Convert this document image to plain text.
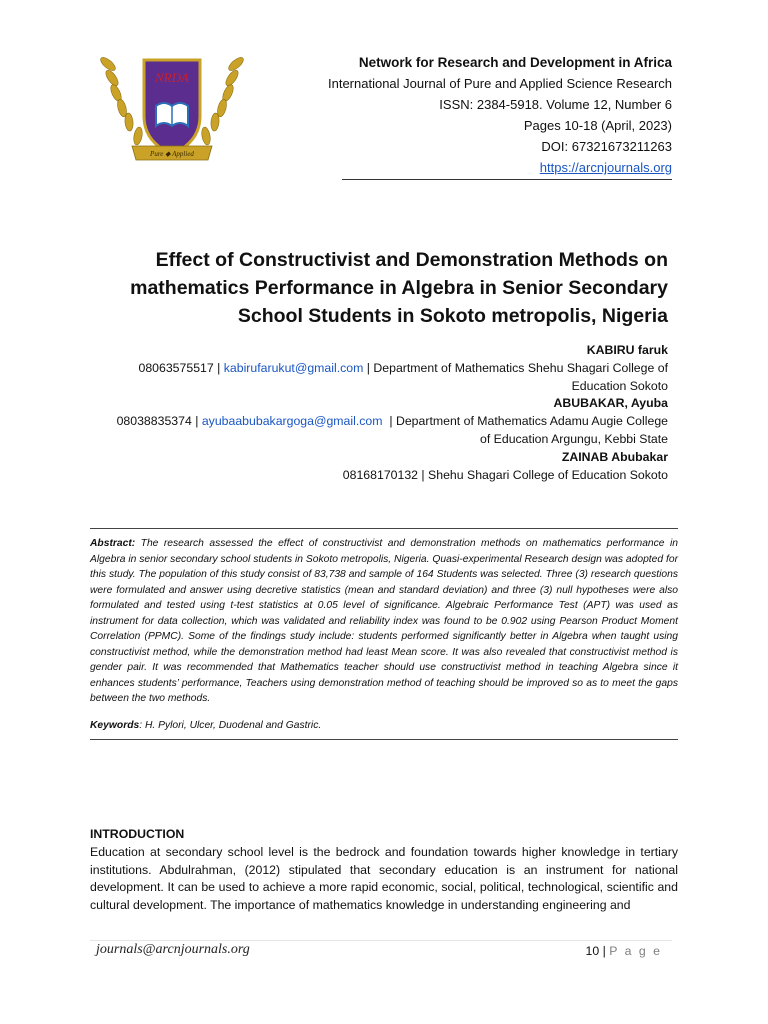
NRDA
Pure ◆ Applied
Network for Research and Development in Africa
International Journal of Pure and Applied Science Research
ISSN: 2384-5918. Volume 12, Number 6
Pages 10-18 (April, 2023)
DOI: 67321673211263
https://arcnjournals.org
Effect of Constructivist and Demonstration Methods on mathematics Performance in Algebra in Senior Secondary School Students in Sokoto metropolis, Nigeria
KABIRU faruk
08063575517 | kabirufarukut@gmail.com | Department of Mathematics Shehu Shagari College of
Education Sokoto
ABUBAKAR, Ayuba
08038835374 | ayubaabubakargoga@gmail.com  | Department of Mathematics Adamu Augie College
of Education Argungu, Kebbi State
ZAINAB Abubakar
08168170132 | Shehu Shagari College of Education Sokoto

Abstract: The research assessed the effect of constructivist and demonstration methods on mathematics performance in Algebra in senior secondary school students in Sokoto metropolis, Nigeria. Quasi-experimental Research design was adopted for this study. The population of this study consist of 83,738 and sample of 164 Students was selected. Three (3) research questions were formulated and answer using decretive statistics (mean and standard deviation) and three (3) null hypotheses were also formulated and tested using t-test statistics at 0.05 level of significance. Algebraic Performance Test (APT) was used as instrument for data collection, which was validated and reliability index was found to be 0.902 using Pearson Product Moment Correlation (PPMC). Some of the findings study include: students performed significantly better in Algebra when taught using constructivist method, while the demonstration method had least Mean score. It was also revealed that constructivist method is gender pair. It was recommended that Mathematics teacher should use constructivist method in teaching Algebra since it enhances students’ performance, Teachers using demonstration method of teaching should be improved so as to meet the gaps between the two methods.

Keywords: H. Pylori, Ulcer, Duodenal and Gastric.

INTRODUCTION

Education at secondary school level is the bedrock and foundation towards higher knowledge in tertiary institutions. Abdulrahman, (2012) stipulated that secondary education is an instrument for national development. It can be used to achieve a more rapid economic, social, political, technological, scientific and cultural development. The importance of mathematics knowledge in understanding engineering and

journals@arcnjournals.org	10 | P a g e
